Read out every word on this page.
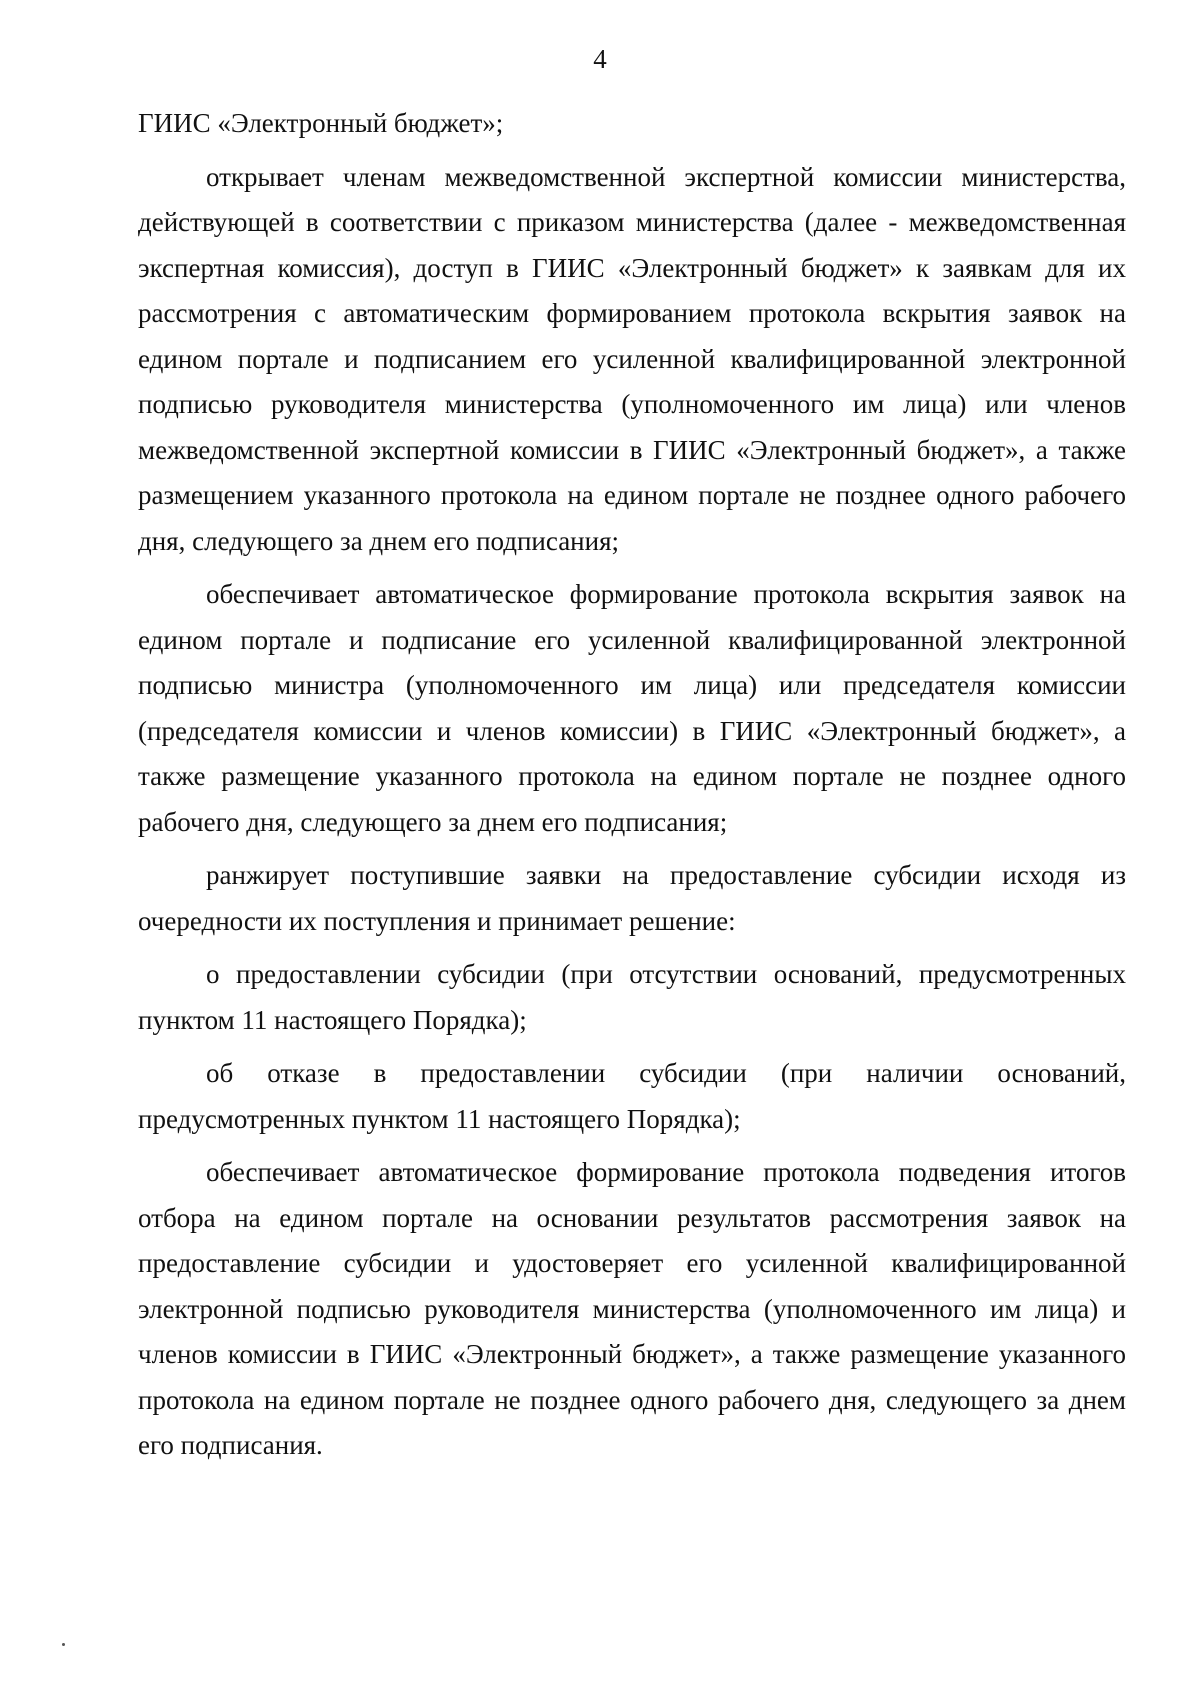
4

ГИИС «Электронный бюджет»;

открывает членам межведомственной экспертной комиссии министерства, действующей в соответствии с приказом министерства (далее - межведомственная экспертная комиссия), доступ в ГИИС «Электронный бюджет» к заявкам для их рассмотрения с автоматическим формированием протокола вскрытия заявок на едином портале и подписанием его усиленной квалифицированной электронной подписью руководителя министерства (уполномоченного им лица) или членов межведомственной экспертной комиссии в ГИИС «Электронный бюджет», а также размещением указанного протокола на едином портале не позднее одного рабочего дня, следующего за днем его подписания;

обеспечивает автоматическое формирование протокола вскрытия заявок на едином портале и подписание его усиленной квалифицированной электронной подписью министра (уполномоченного им лица) или председателя комиссии (председателя комиссии и членов комиссии) в ГИИС «Электронный бюджет», а также размещение указанного протокола на едином портале не позднее одного рабочего дня, следующего за днем его подписания;

ранжирует поступившие заявки на предоставление субсидии исходя из очередности их поступления и принимает решение:

о предоставлении субсидии (при отсутствии оснований, предусмотренных пунктом 11 настоящего Порядка);

об отказе в предоставлении субсидии (при наличии оснований, предусмотренных пунктом 11 настоящего Порядка);

обеспечивает автоматическое формирование протокола подведения итогов отбора на едином портале на основании результатов рассмотрения заявок на предоставление субсидии и удостоверяет его усиленной квалифицированной электронной подписью руководителя министерства (уполномоченного им лица) и членов комиссии в ГИИС «Электронный бюджет», а также размещение указанного протокола на едином портале не позднее одного рабочего дня, следующего за днем его подписания.
